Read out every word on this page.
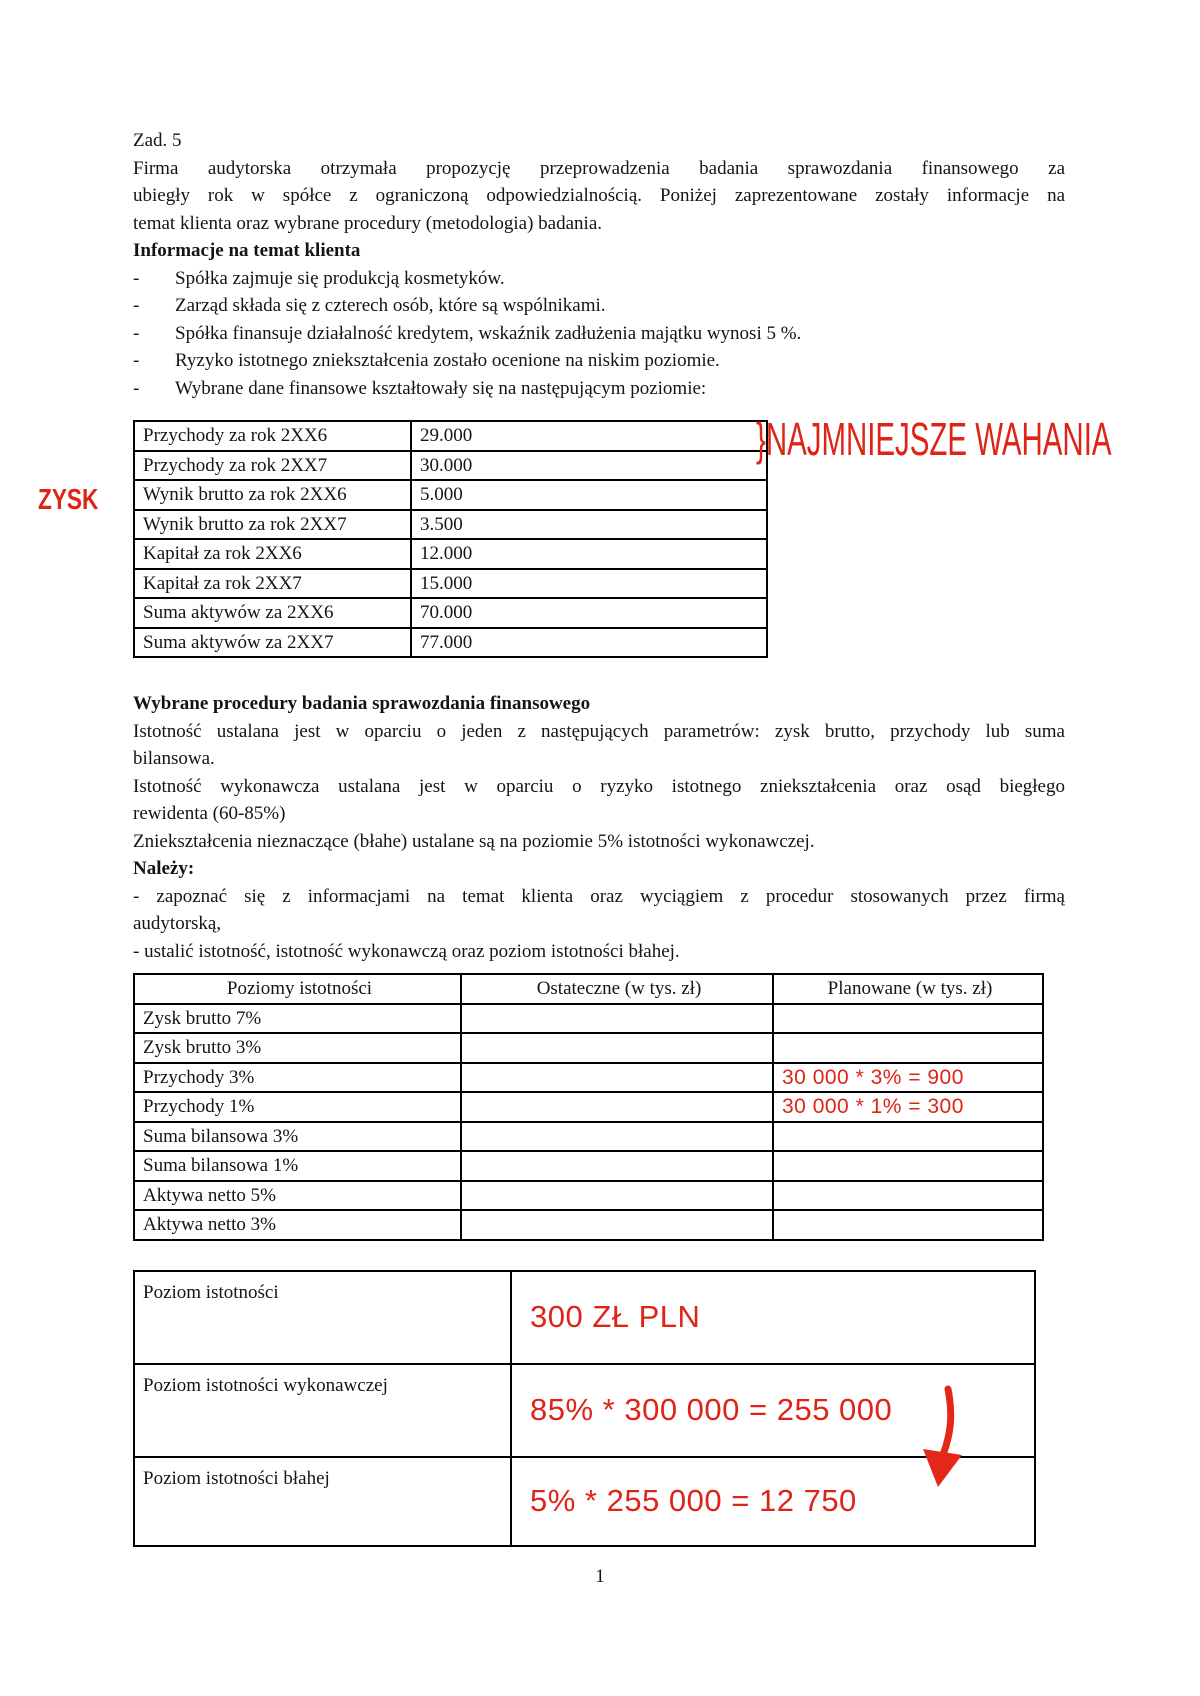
Zad. 5
Firma audytorska otrzymała propozycję przeprowadzenia badania sprawozdania finansowego za
ubiegły rok w spółce z ograniczoną odpowiedzialnością. Poniżej zaprezentowane zostały informacje na
temat klienta oraz wybrane procedury (metodologia) badania.
Informacje na temat klienta
-	Spółka zajmuje się produkcją kosmetyków.
-	Zarząd składa się z czterech osób, które są wspólnikami.
-	Spółka finansuje działalność kredytem, wskaźnik zadłużenia majątku wynosi 5 %.
-	Ryzyko istotnego zniekształcenia zostało ocenione na niskim poziomie.
-	Wybrane dane finansowe kształtowały się na następującym poziomie:
Przychody za rok 2XX6	29.000
Przychody za rok 2XX7	30.000
Wynik brutto za rok 2XX6	5.000
Wynik brutto za rok 2XX7	3.500
Kapitał za rok 2XX6	12.000
Kapitał za rok 2XX7	15.000
Suma aktywów za 2XX6	70.000
Suma aktywów za 2XX7	77.000
Wybrane procedury badania sprawozdania finansowego
Istotność ustalana jest w oparciu o jeden z następujących parametrów: zysk brutto, przychody lub suma
bilansowa.
Istotność wykonawcza ustalana jest w oparciu o ryzyko istotnego zniekształcenia oraz osąd biegłego
rewidenta (60-85%)
Zniekształcenia nieznaczące (błahe) ustalane są na poziomie 5% istotności wykonawczej.
Należy:
- zapoznać się z informacjami na temat klienta oraz wyciągiem z procedur stosowanych przez firmą
audytorską,
- ustalić istotność, istotność wykonawczą oraz poziom istotności błahej.
Poziomy istotności	Ostateczne (w tys. zł)	Planowane (w tys. zł)
Zysk brutto 7%		
Zysk brutto 3%		
Przychody 3%		30 000 * 3% = 900
Przychody 1%		30 000 * 1% = 300
Suma bilansowa 3%		
Suma bilansowa 1%		
Aktywa netto 5%		
Aktywa netto 3%		
Poziom istotności	300 ZŁ PLN
Poziom istotności wykonawczej	85% * 300 000 = 255 000
Poziom istotności błahej	5% * 255 000 = 12 750
ZYSK
}NAJMNIEJSZE WAHANIA
1
